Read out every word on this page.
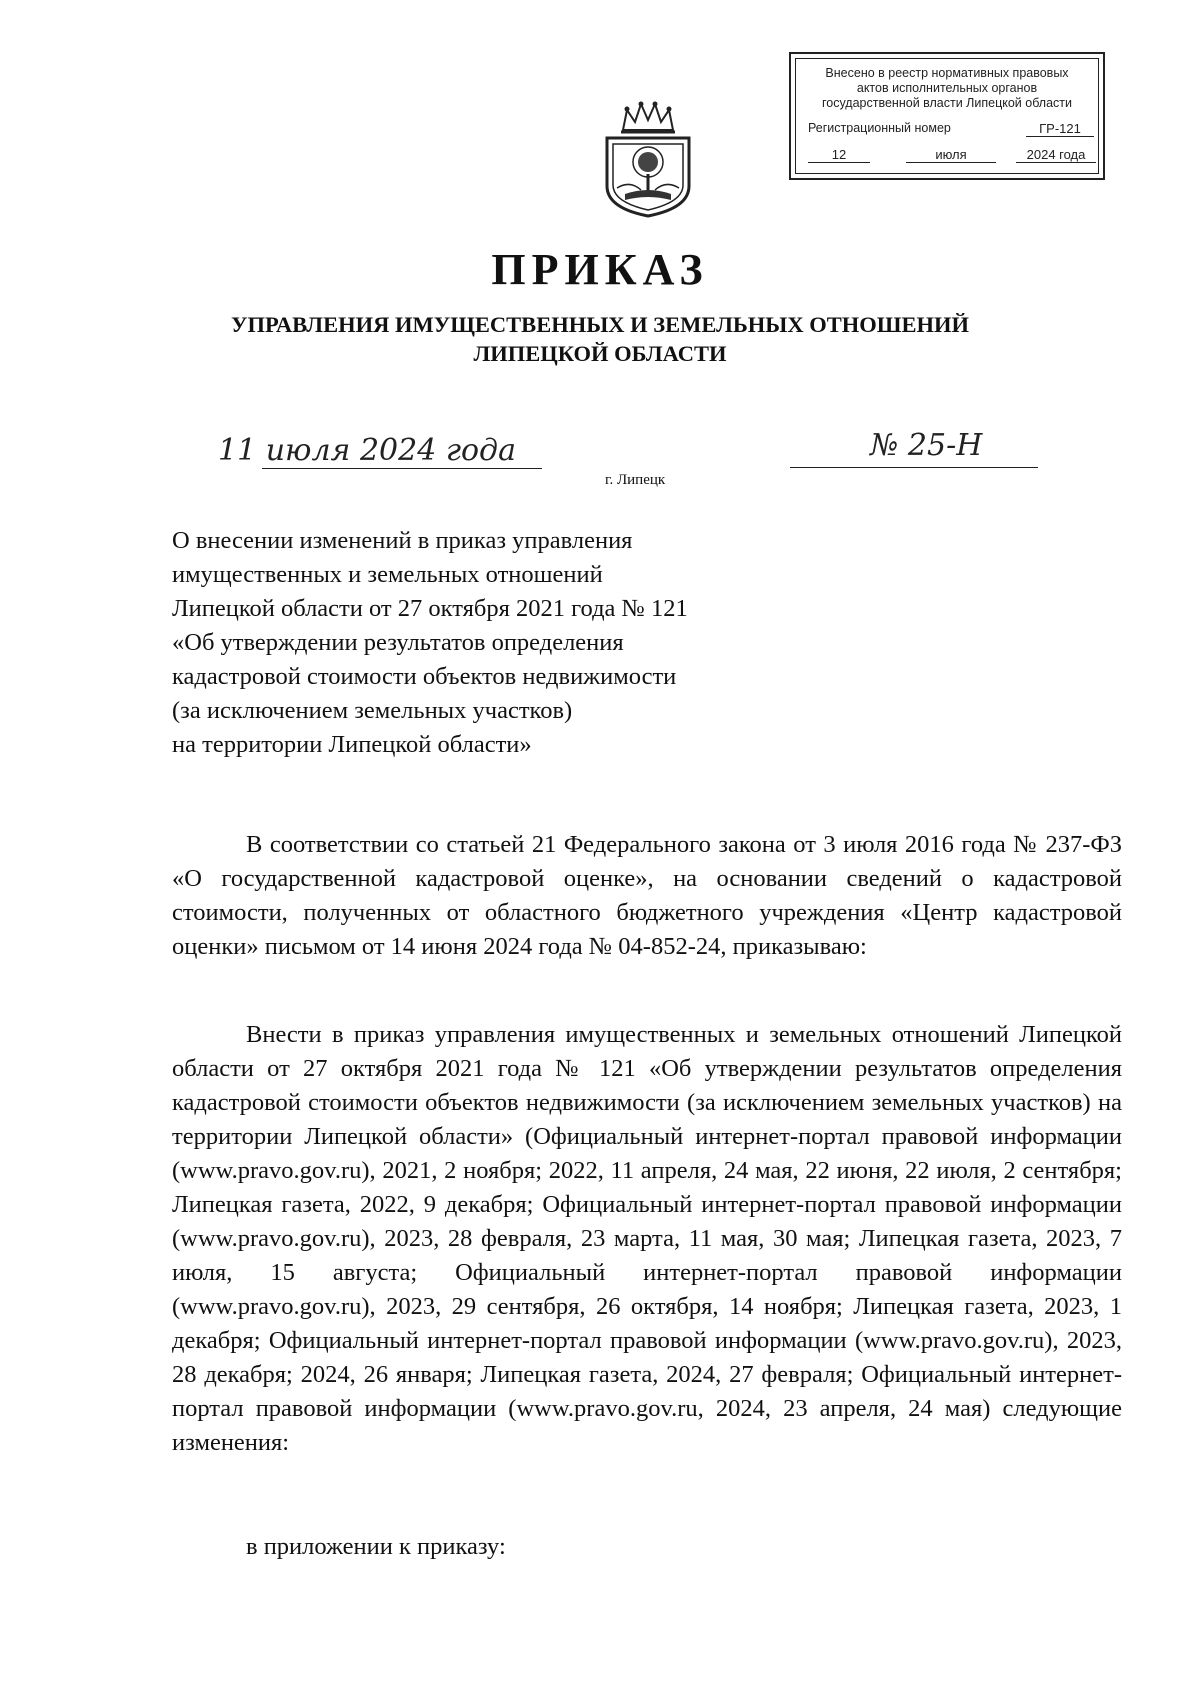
Внесено в реестр нормативных правовых
актов исполнительных органов
государственной власти Липецкой области
Регистрационный номер	ГР-121
12	июля	2024 года
ПРИКАЗ
УПРАВЛЕНИЯ ИМУЩЕСТВЕННЫХ И ЗЕМЕЛЬНЫХ ОТНОШЕНИЙ
ЛИПЕЦКОЙ ОБЛАСТИ
11 июля 2024 года	№ 25-Н
г. Липецк
О внесении изменений в приказ управления
имущественных и земельных отношений
Липецкой области от 27 октября 2021 года № 121
«Об утверждении результатов определения
кадастровой стоимости объектов недвижимости
(за исключением земельных участков)
на территории Липецкой области»
В соответствии со статьей 21 Федерального закона от 3 июля 2016 года № 237-ФЗ «О государственной кадастровой оценке», на основании сведений о кадастровой стоимости, полученных от областного бюджетного учреждения «Центр кадастровой оценки» письмом от 14 июня 2024 года № 04-852-24, приказываю:
Внести в приказ управления имущественных и земельных отношений Липецкой области от 27 октября 2021 года № 121 «Об утверждении результатов определения кадастровой стоимости объектов недвижимости (за исключением земельных участков) на территории Липецкой области» (Официальный интернет-портал правовой информации (www.pravo.gov.ru), 2021, 2 ноября; 2022, 11 апреля, 24 мая, 22 июня, 22 июля, 2 сентября; Липецкая газета, 2022, 9 декабря; Официальный интернет-портал правовой информации (www.pravo.gov.ru), 2023, 28 февраля, 23 марта, 11 мая, 30 мая; Липецкая газета, 2023, 7 июля, 15 августа; Официальный интернет-портал правовой информации (www.pravo.gov.ru), 2023, 29 сентября, 26 октября, 14 ноября; Липецкая газета, 2023, 1 декабря; Официальный интернет-портал правовой информации (www.pravo.gov.ru), 2023, 28 декабря; 2024, 26 января; Липецкая газета, 2024, 27 февраля; Официальный интернет-портал правовой информации (www.pravo.gov.ru, 2024, 23 апреля, 24 мая) следующие изменения:
в приложении к приказу:
